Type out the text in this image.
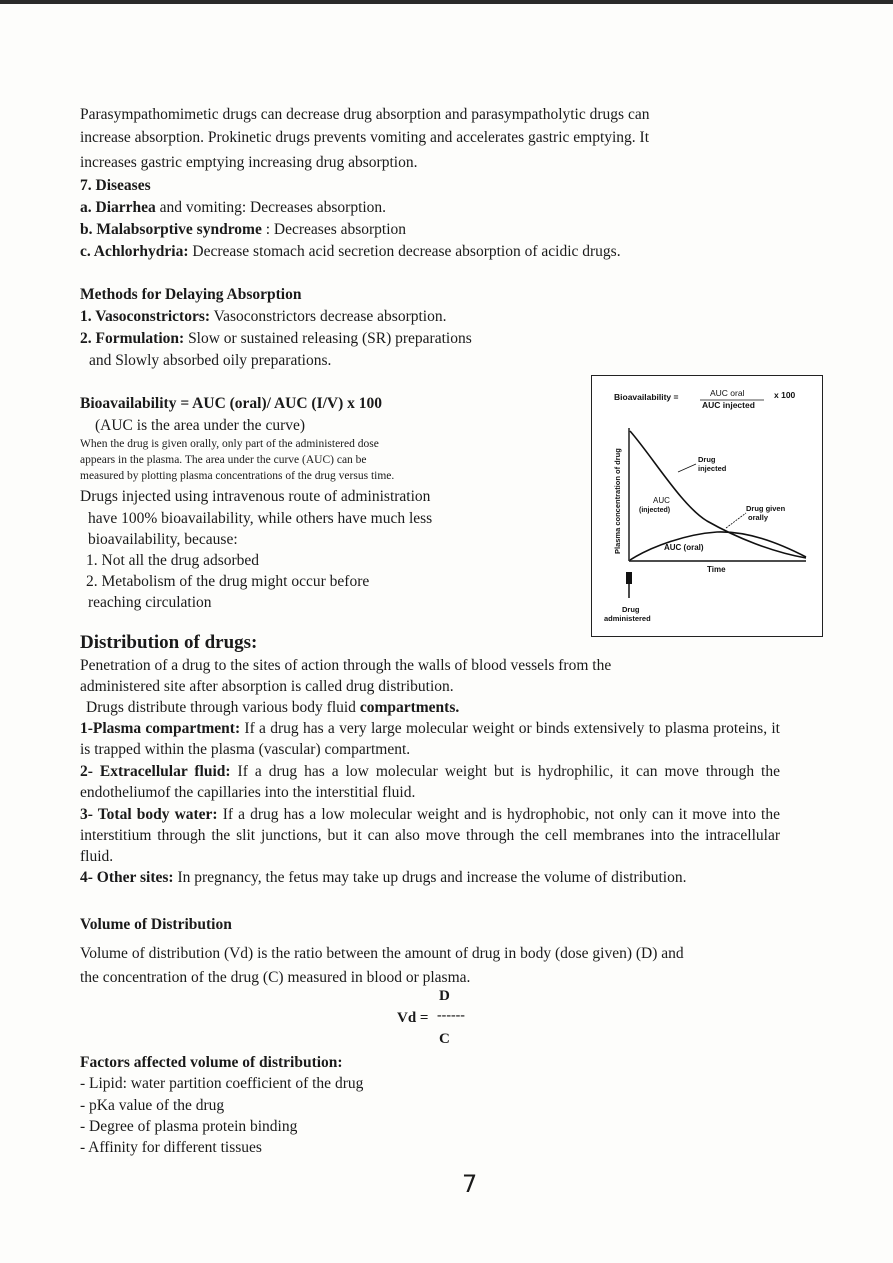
Parasympathomimetic drugs can decrease drug absorption and parasympatholytic drugs can
increase absorption. Prokinetic drugs prevents vomiting and accelerates gastric emptying. It
increases gastric emptying increasing drug absorption.
7. Diseases
a. Diarrhea and vomiting: Decreases absorption.
b. Malabsorptive syndrome : Decreases absorption
c. Achlorhydria: Decrease stomach acid secretion decrease absorption of acidic drugs.
Methods for Delaying Absorption
1. Vasoconstrictors: Vasoconstrictors decrease absorption.
2. Formulation: Slow or sustained releasing (SR) preparations
and Slowly absorbed oily preparations.
Bioavailability = AUC (oral)/ AUC (I/V) x 100
(AUC is the area under the curve)
When the drug is given orally, only part of the administered dose
appears in the plasma. The area under the curve (AUC) can be
measured by plotting plasma concentrations of the drug versus time.
Drugs injected using intravenous route of administration
have 100% bioavailability, while others have much less
bioavailability, because:
1. Not all the drug adsorbed
2. Metabolism of the drug might occur before
reaching circulation
Bioavailability =	AUC oral
AUC injected
x 100
Plasma concentration of drug
Time
Drug
injected
AUC
(injected)	Drug given
orally
AUC (oral)
Drug
administered
Distribution of drugs:
Penetration of a drug to the sites of action through the walls of blood vessels from the
administered site after absorption is called drug distribution.
Drugs distribute through various body fluid compartments.
1-Plasma compartment: If a drug has a very large molecular weight or binds extensively to plasma proteins, it is trapped within the plasma (vascular) compartment.
2- Extracellular fluid: If a drug has a low molecular weight but is hydrophilic, it can move through the endotheliumof the capillaries into the interstitial fluid.
3- Total body water: If a drug has a low molecular weight and is hydrophobic, not only can it move into the interstitium through the slit junctions, but it can also move through the cell membranes into the intracellular fluid.
4- Other sites: In pregnancy, the fetus may take up drugs and increase the volume of distribution.
Volume of Distribution
Volume of distribution (Vd) is the ratio between the amount of drug in body (dose given) (D) and
the concentration of the drug (C) measured in blood or plasma.
D
Vd = ------
C
Factors affected volume of distribution:
- Lipid: water partition coefficient of the drug
- pKa value of the drug
- Degree of plasma protein binding
- Affinity for different tissues
7
